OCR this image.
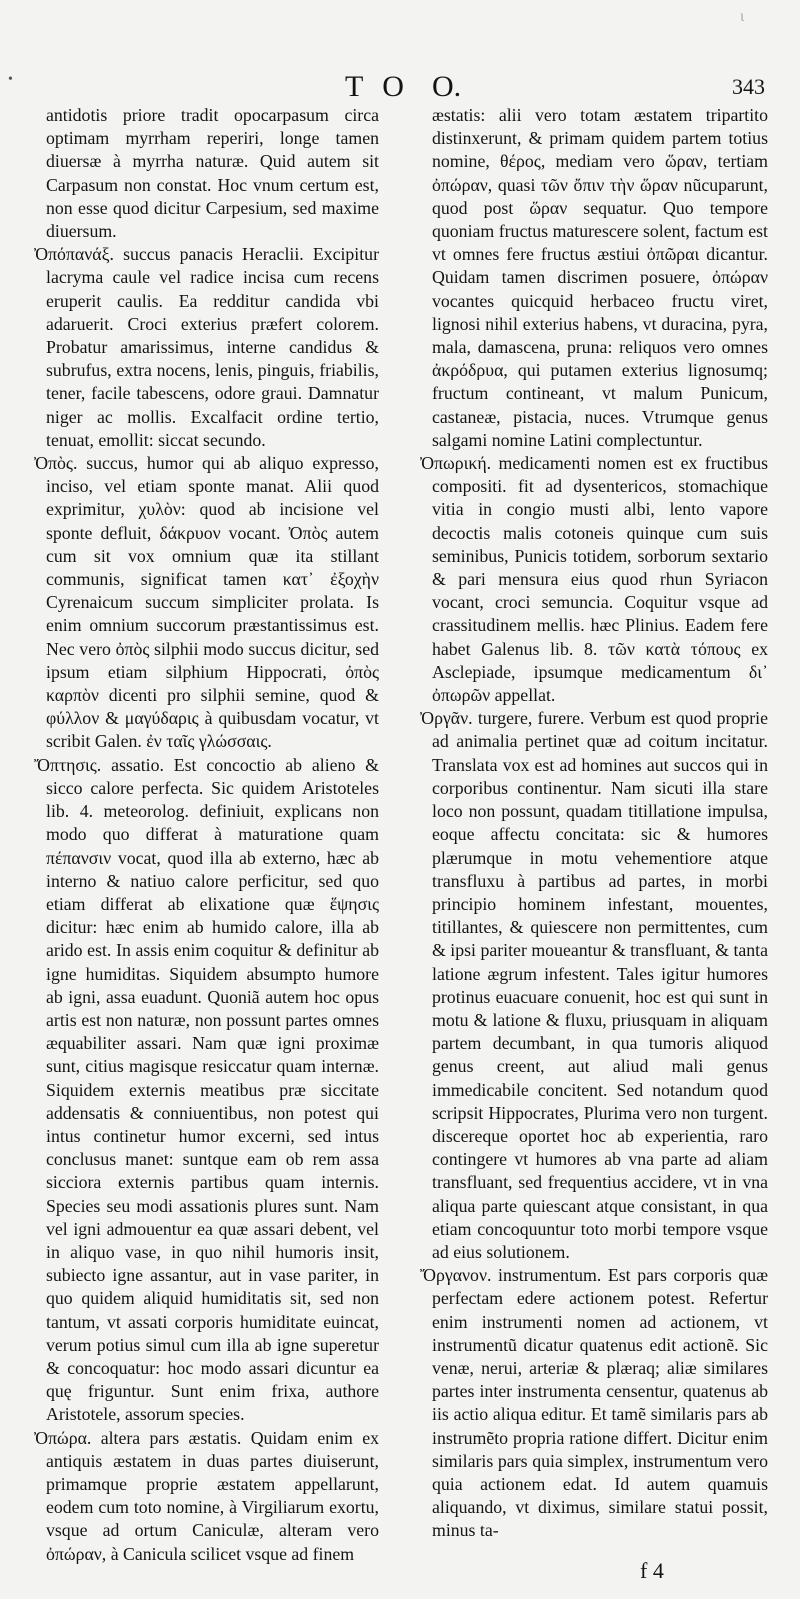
•
ι
T O O.	343

antidotis priore tradit opocarpasum circa optimam myrrham reperiri, longe tamen diuersæ à myrrha naturæ. Quid autem sit Carpasum non constat. Hoc vnum certum est, non esse quod dicitur Carpesium, sed maxime diuersum.

Ὀπόπανάξ. succus panacis Heraclii. Excipitur lacryma caule vel radice incisa cum recens eruperit caulis. Ea redditur candida vbi adaruerit. Croci exterius præfert colorem. Probatur amarissimus, interne candidus & subrufus, extra nocens, lenis, pinguis, friabilis, tener, facile tabescens, odore graui. Damnatur niger ac mollis. Excalfacit ordine tertio, tenuat, emollit: siccat secundo.

Ὀπὸς. succus, humor qui ab aliquo expresso, inciso, vel etiam sponte manat. Alii quod exprimitur, χυλὸν: quod ab incisione vel sponte defluit, δάκρυον vocant. Ὀπὸς autem cum sit vox omnium quæ ita stillant communis, significat tamen κατ᾽ ἐξοχὴν Cyrenaicum succum simpliciter prolata. Is enim omnium succorum præstantissimus est. Nec vero ὀπὸς silphii modo succus dicitur, sed ipsum etiam silphium Hippocrati, ὀπὸς καρπὸν dicenti pro silphii semine, quod & φύλλον & μαγύδαρις à quibusdam vocatur, vt scribit Galen. ἐν ταῖς γλώσσαις.

Ὄπτησις. assatio. Est concoctio ab alieno & sicco calore perfecta. Sic quidem Aristoteles lib. 4. meteorolog. definiuit, explicans non modo quo differat à maturatione quam πέπανσιν vocat, quod illa ab externo, hæc ab interno & natiuo calore perficitur, sed quo etiam differat ab elixatione quæ ἕψησις dicitur: hæc enim ab humido calore, illa ab arido est. In assis enim coquitur & definitur ab igne humiditas. Siquidem absumpto humore ab igni, assa euadunt. Quoniã autem hoc opus artis est non naturæ, non possunt partes omnes æquabiliter assari. Nam quæ igni proximæ sunt, citius magisque resiccatur quam internæ. Siquidem externis meatibus præ siccitate addensatis & conniuentibus, non potest qui intus continetur humor excerni, sed intus conclusus manet: suntque eam ob rem assa sicciora externis partibus quam internis. Species seu modi assationis plures sunt. Nam vel igni admouentur ea quæ assari debent, vel in aliquo vase, in quo nihil humoris insit, subiecto igne assantur, aut in vase pariter, in quo quidem aliquid humiditatis sit, sed non tantum, vt assati corporis humiditate euincat, verum potius simul cum illa ab igne superetur & concoquatur: hoc modo assari dicuntur ea quę friguntur. Sunt enim frixa, authore Aristotele, assorum species.

Ὀπώρα. altera pars æstatis. Quidam enim ex antiquis æstatem in duas partes diuiserunt, primamque proprie æstatem appellarunt, eodem cum toto nomine, à Virgiliarum exortu, vsque ad ortum Caniculæ, alteram vero ὀπώραν, à Canicula scilicet vsque ad finem

æstatis: alii vero totam æstatem tripartito distinxerunt, & primam quidem partem totius nomine, θέρος, mediam vero ὥραν, tertiam ὀπώραν, quasi τῶν ὄπιν τὴν ὥραν nũcuparunt, quod post ὥραν sequatur. Quo tempore quoniam fructus maturescere solent, factum est vt omnes fere fructus æstiui ὀπῶραι dicantur. Quidam tamen discrimen posuere, ὀπώραν vocantes quicquid herbaceo fructu viret, lignosi nihil exterius habens, vt duracina, pyra, mala, damascena, pruna: reliquos vero omnes ἀκρόδρυα, qui putamen exterius lignosumq; fructum contineant, vt malum Punicum, castaneæ, pistacia, nuces. Vtrumque genus salgami nomine Latini complectuntur.

Ὀπωρική. medicamenti nomen est ex fructibus compositi. fit ad dysentericos, stomachique vitia in congio musti albi, lento vapore decoctis malis cotoneis quinque cum suis seminibus, Punicis totidem, sorborum sextario & pari mensura eius quod rhun Syriacon vocant, croci semuncia. Coquitur vsque ad crassitudinem mellis. hæc Plinius. Eadem fere habet Galenus lib. 8. τῶν κατὰ τόπους ex Asclepiade, ipsumque medicamentum δι᾽ ὀπωρῶν appellat.

Ὀργᾶν. turgere, furere. Verbum est quod proprie ad animalia pertinet quæ ad coitum incitatur. Translata vox est ad homines aut succos qui in corporibus continentur. Nam sicuti illa stare loco non possunt, quadam titillatione impulsa, eoque affectu concitata: sic & humores plærumque in motu vehementiore atque transfluxu à partibus ad partes, in morbi principio hominem infestant, mouentes, titillantes, & quiescere non permittentes, cum & ipsi pariter moueantur & transfluant, & tanta latione ægrum infestent. Tales igitur humores protinus euacuare conuenit, hoc est qui sunt in motu & latione & fluxu, priusquam in aliquam partem decumbant, in qua tumoris aliquod genus creent, aut aliud mali genus immedicabile concitent. Sed notandum quod scripsit Hippocrates, Plurima vero non turgent. discereque oportet hoc ab experientia, raro contingere vt humores ab vna parte ad aliam transfluant, sed frequentius accidere, vt in vna aliqua parte quiescant atque consistant, in qua etiam concoquuntur toto morbi tempore vsque ad eius solutionem.

Ὄργανον. instrumentum. Est pars corporis quæ perfectam edere actionem potest. Refertur enim instrumenti nomen ad actionem, vt instrumentũ dicatur quatenus edit actionẽ. Sic venæ, nerui, arteriæ & plæraq; aliæ similares partes inter instrumenta censentur, quatenus ab iis actio aliqua editur. Et tamẽ similaris pars ab instrumẽto propria ratione differt. Dicitur enim similaris pars quia simplex, instrumentum vero quia actionem edat. Id autem quamuis aliquando, vt diximus, similare statui possit, minus ta-

f 4
